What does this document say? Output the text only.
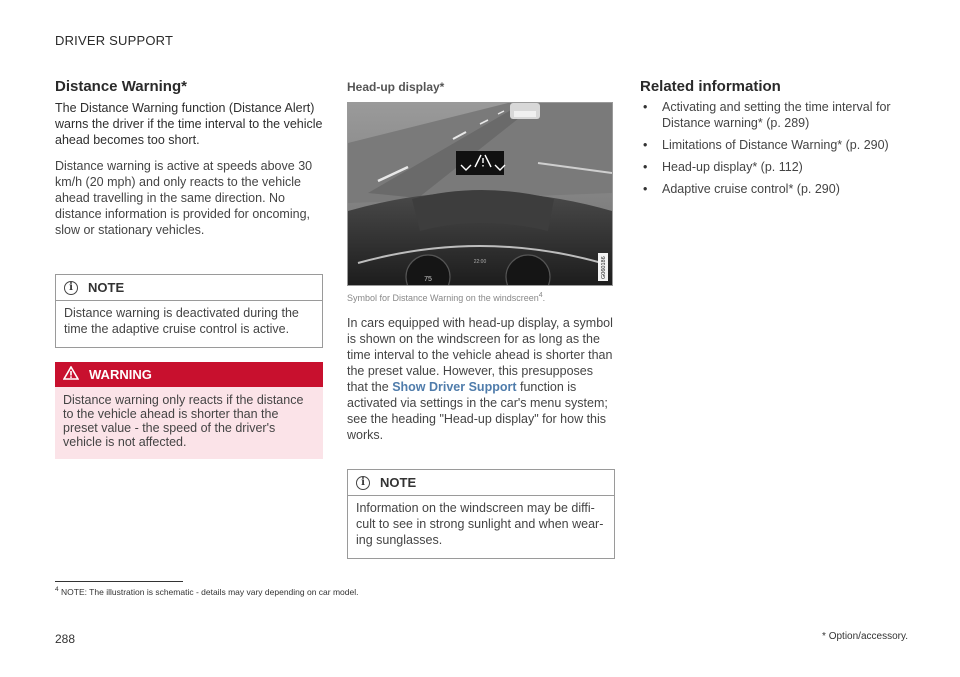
DRIVER SUPPORT
Distance Warning*
The Distance Warning function (Distance Alert) warns the driver if the time interval to the vehicle ahead becomes too short.
Distance warning is active at speeds above 30 km/h (20 mph) and only reacts to the vehicle ahead travelling in the same direction. No distance information is provided for oncoming, slow or stationary vehicles.
i	NOTE
Distance warning is deactivated during the time the adaptive cruise control is active.
WARNING
Distance warning only reacts if the distance to the vehicle ahead is shorter than the preset value - the speed of the driver's vehicle is not affected.
Head-up display*
22:00
75
G060186
Symbol for Distance Warning on the windscreen$^4$.
In cars equipped with head-up display, a symbol is shown on the windscreen for as long as the time interval to the vehicle ahead is shorter than the preset value. However, this presupposes that the Show Driver Support function is activated via settings in the car's menu system; see the heading "Head-up display" for how this works.
i	NOTE
Information on the windscreen may be difficult to see in strong sunlight and when wearing sunglasses.
Related information
• Activating and setting the time interval for Distance warning* (p. 289)
• Limitations of Distance Warning* (p. 290)
• Head-up display* (p. 112)
• Adaptive cruise control* (p. 290)
$^4$ NOTE: The illustration is schematic - details may vary depending on car model.
* Option/accessory.
288
